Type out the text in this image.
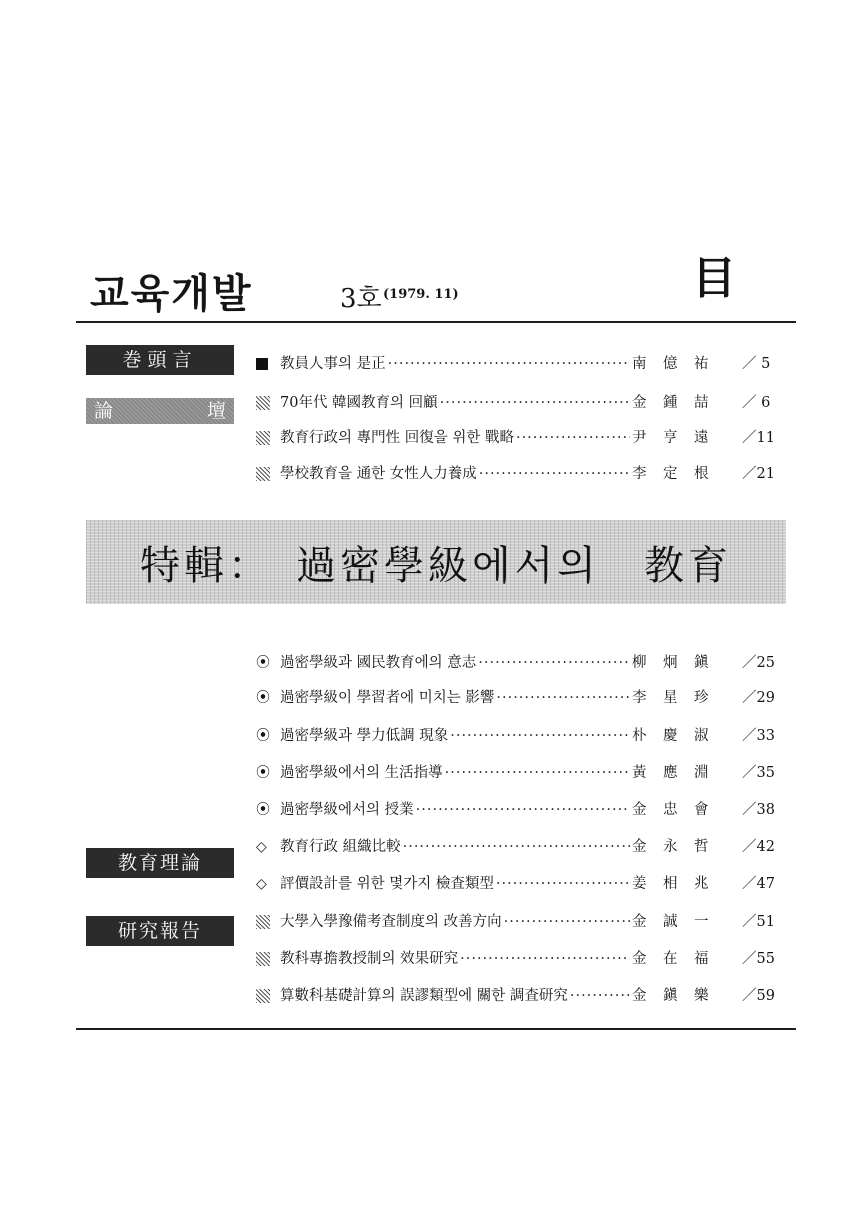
교육개발	3호 (1979. 11)	目
巻頭言
論	壇
教員人事의 是正 ·····	南　億　祐	／ 5
70年代 韓國教育의 回顧 ·····	金　鍾　喆	／ 6
教育行政의 專門性 回復을 위한 戰略 ·····	尹　亨　遠	／11
學校教育을 通한 女性人力養成 ·····	李　定　根	／21
特輯：　過密學級에서의　教育
⦿ 過密學級과 國民教育에의 意志 ·····	柳　炯　鎭	／25
⦿ 過密學級이 學習者에 미치는 影響 ·····	李　星　珍	／29
⦿ 過密學級과 學力低調 現象 ·····	朴　慶　淑	／33
⦿ 過密學級에서의 生活指導 ·····	黃　應　淵	／35
⦿ 過密學級에서의 授業 ·····	金　忠　會	／38
教育理論
◇ 教育行政 組織比較 ·····	金　永　哲	／42
◇ 評價設計를 위한 몇가지 檢査類型 ·····	姜　相　兆	／47
研究報告	大學入學豫備考査制度의 改善方向 ·····	金　誠　一	／51
教科專擔教授制의 效果研究 ·····	金　在　福	／55
算數科基礎計算의 誤謬類型에 關한 調査研究 ·····	金　鎭　樂	／59
